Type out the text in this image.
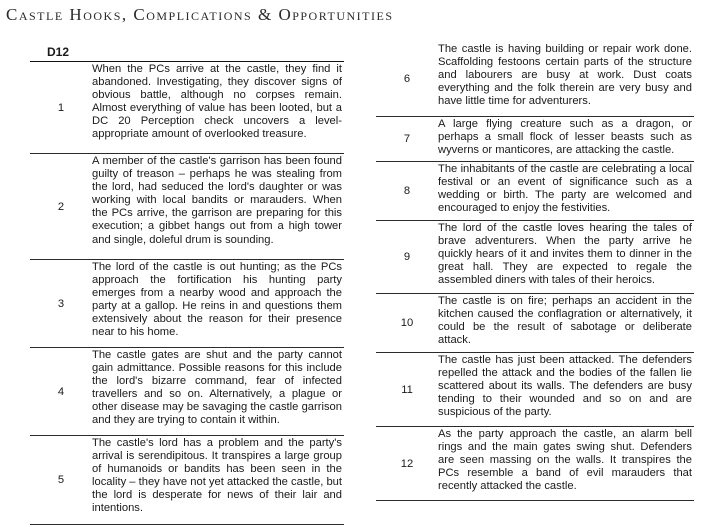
Castle Hooks, Complications & Opportunities
D12
1
When the PCs arrive at the castle, they find it abandoned. Investigating, they discover signs of obvious battle, although no corpses remain. Almost everything of value has been looted, but a DC 20 Perception check uncovers a level-appropriate amount of overlooked treasure.
2
A member of the castle's garrison has been found guilty of treason – perhaps he was stealing from the lord, had seduced the lord's daughter or was working with local bandits or marauders. When the PCs arrive, the garrison are preparing for this execution; a gibbet hangs out from a high tower and single, doleful drum is sounding.
3
The lord of the castle is out hunting; as the PCs approach the fortification his hunting party emerges from a nearby wood and approach the party at a gallop. He reins in and questions them extensively about the reason for their presence near to his home.
4
The castle gates are shut and the party cannot gain admittance. Possible reasons for this include the lord's bizarre command, fear of infected travellers and so on. Alternatively, a plague or other disease may be savaging the castle garrison and they are trying to contain it within.
5
The castle's lord has a problem and the party's arrival is serendipitous. It transpires a large group of humanoids or bandits has been seen in the locality – they have not yet attacked the castle, but the lord is desperate for news of their lair and intentions.
6
The castle is having building or repair work done. Scaffolding festoons certain parts of the structure and labourers are busy at work. Dust coats everything and the folk therein are very busy and have little time for adventurers.
7
A large flying creature such as a dragon, or perhaps a small flock of lesser beasts such as wyverns or manticores, are attacking the castle.
8
The inhabitants of the castle are celebrating a local festival or an event of significance such as a wedding or birth. The party are welcomed and encouraged to enjoy the festivities.
9
The lord of the castle loves hearing the tales of brave adventurers. When the party arrive he quickly hears of it and invites them to dinner in the great hall. They are expected to regale the assembled diners with tales of their heroics.
10
The castle is on fire; perhaps an accident in the kitchen caused the conflagration or alternatively, it could be the result of sabotage or deliberate attack.
11
The castle has just been attacked. The defenders repelled the attack and the bodies of the fallen lie scattered about its walls. The defenders are busy tending to their wounded and so on and are suspicious of the party.
12
As the party approach the castle, an alarm bell rings and the main gates swing shut. Defenders are seen massing on the walls. It transpires the PCs resemble a band of evil marauders that recently attacked the castle.
